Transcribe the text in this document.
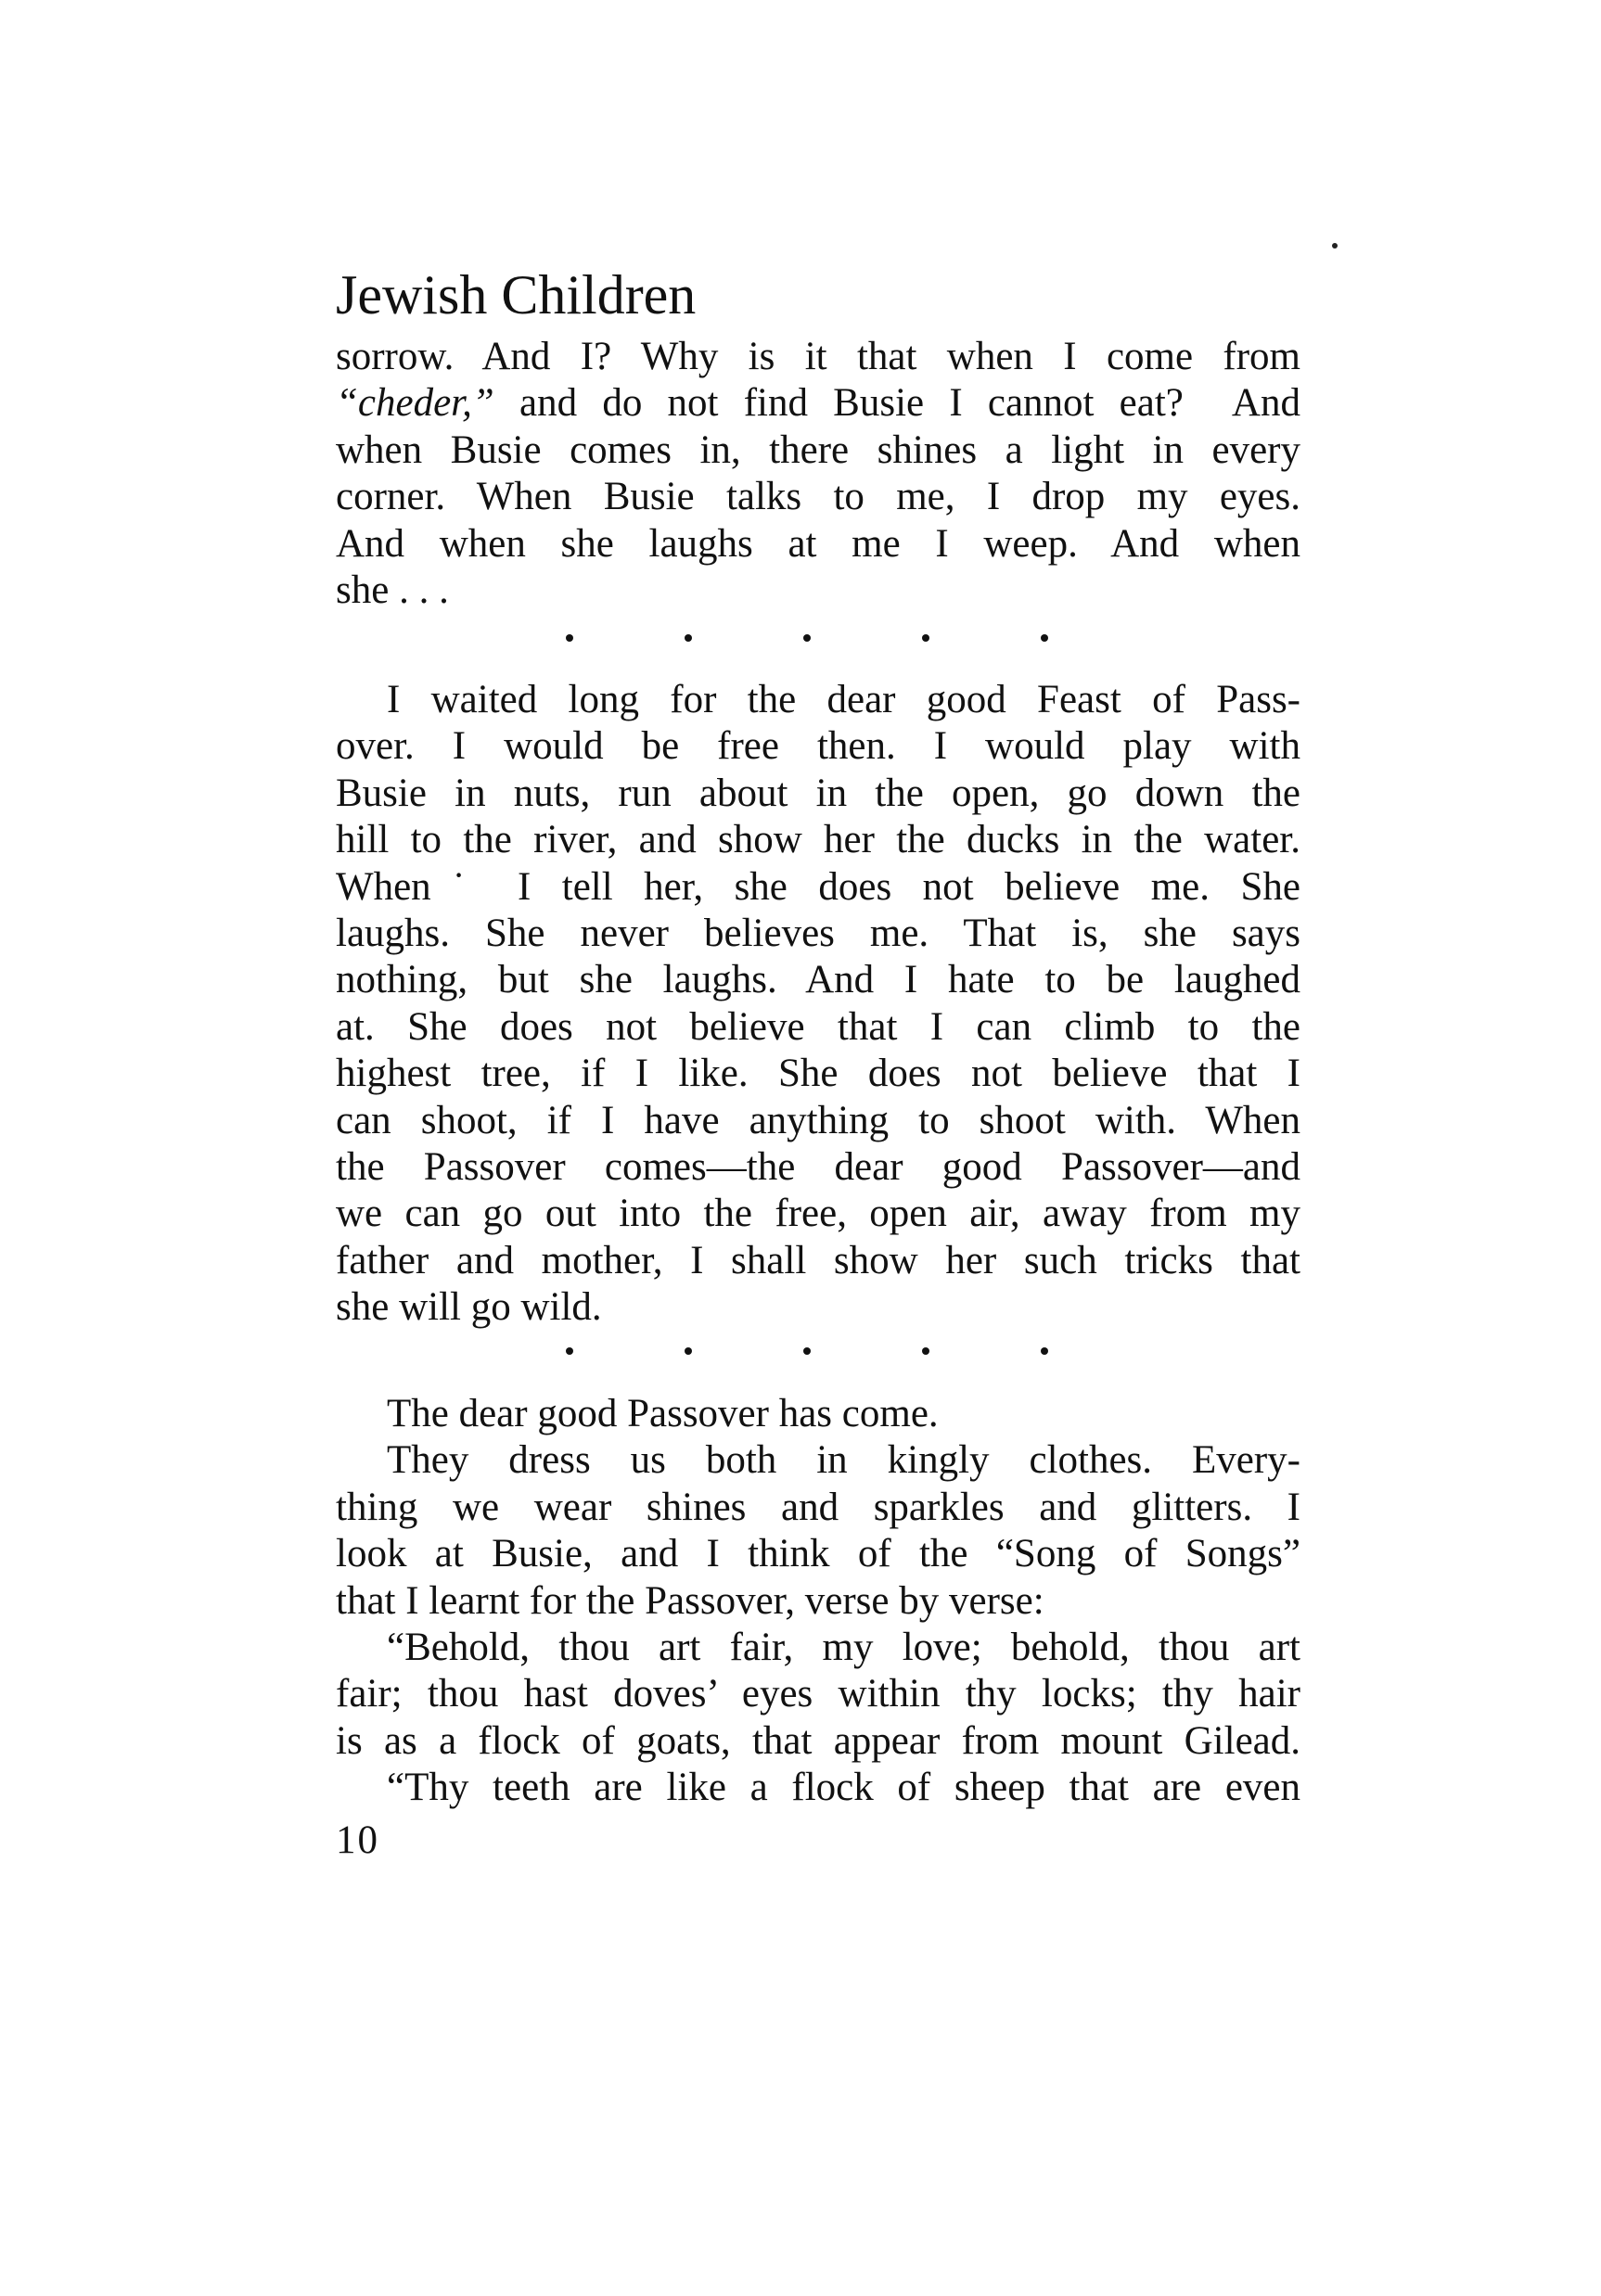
Jewish Children
sorrow. And I? Why is it that when I come from
“cheder,” and do not find Busie I cannot eat?  And
when Busie comes in, there shines a light in every
corner. When Busie talks to me, I drop my eyes.
And when she laughs at me I weep. And when
she . . .
I waited long for the dear good Feast of Pass-
over. I would be free then. I would play with
Busie in nuts, run about in the open, go down the
hill to the river, and show her the ducks in the water.
When˙ I tell her, she does not believe me. She
laughs. She never believes me. That is, she says
nothing, but she laughs. And I hate to be laughed
at. She does not believe that I can climb to the
highest tree, if I like. She does not believe that I
can shoot, if I have anything to shoot with. When
the Passover comes—the dear good Passover—and
we can go out into the free, open air, away from my
father and mother, I shall show her such tricks that
she will go wild.
The dear good Passover has come.
They dress us both in kingly clothes. Every-
thing we wear shines and sparkles and glitters. I
look at Busie, and I think of the “Song of Songs”
that I learnt for the Passover, verse by verse:
“Behold, thou art fair, my love; behold, thou art
fair; thou hast doves’ eyes within thy locks; thy hair
is as a flock of goats, that appear from mount Gilead.
“Thy teeth are like a flock of sheep that are even
10
